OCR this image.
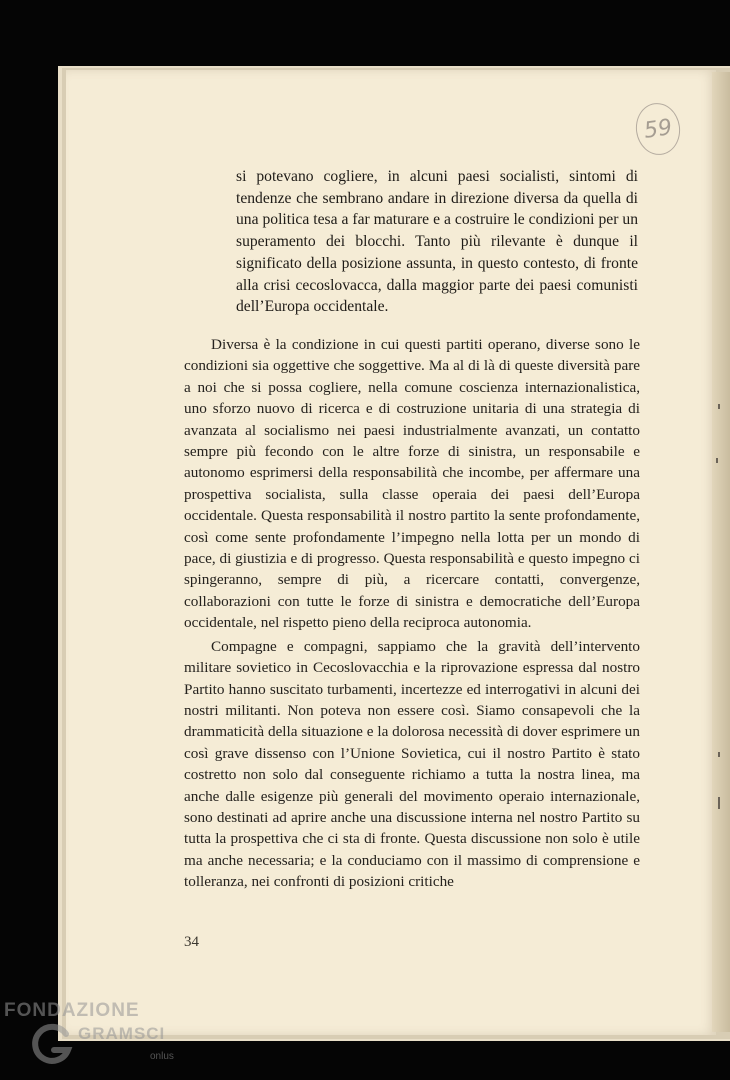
59

si potevano cogliere, in alcuni paesi socialisti, sintomi di tendenze che sembrano andare in direzione diversa da quella di una politica tesa a far maturare e a costruire le condizioni per un superamento dei blocchi. Tanto più rilevante è dunque il significato della posizione assunta, in questo contesto, di fronte alla crisi cecoslovacca, dalla maggior parte dei paesi comunisti dell’Europa occidentale.

Diversa è la condizione in cui questi partiti operano, diverse sono le condizioni sia oggettive che soggettive. Ma al di là di queste diversità pare a noi che si possa cogliere, nella comune coscienza internazionalistica, uno sforzo nuovo di ricerca e di costruzione unitaria di una strategia di avanzata al socialismo nei paesi industrialmente avanzati, un contatto sempre più fecondo con le altre forze di sinistra, un responsabile e autonomo esprimersi della responsabilità che incombe, per affermare una prospettiva socialista, sulla classe operaia dei paesi dell’Europa occidentale. Questa responsabilità il nostro partito la sente profondamente, così come sente profondamente l’impegno nella lotta per un mondo di pace, di giustizia e di progresso. Questa responsabilità e questo impegno ci spingeranno, sempre di più, a ricercare contatti, convergenze, collaborazioni con tutte le forze di sinistra e democratiche dell’Europa occidentale, nel rispetto pieno della reciproca autonomia.

Compagne e compagni, sappiamo che la gravità dell’intervento militare sovietico in Cecoslovacchia e la riprovazione espressa dal nostro Partito hanno suscitato turbamenti, incertezze ed interrogativi in alcuni dei nostri militanti. Non poteva non essere così. Siamo consapevoli che la drammaticità della situazione e la dolorosa necessità di dover esprimere un così grave dissenso con l’Unione Sovietica, cui il nostro Partito è stato costretto non solo dal conseguente richiamo a tutta la nostra linea, ma anche dalle esigenze più generali del movimento operaio internazionale, sono destinati ad aprire anche una discussione interna nel nostro Partito su tutta la prospettiva che ci sta di fronte. Questa discussione non solo è utile ma anche necessaria; e la conduciamo con il massimo di comprensione e tolleranza, nei confronti di posizioni critiche

34
FONDAZIONE
GRAMSCI
onlus
